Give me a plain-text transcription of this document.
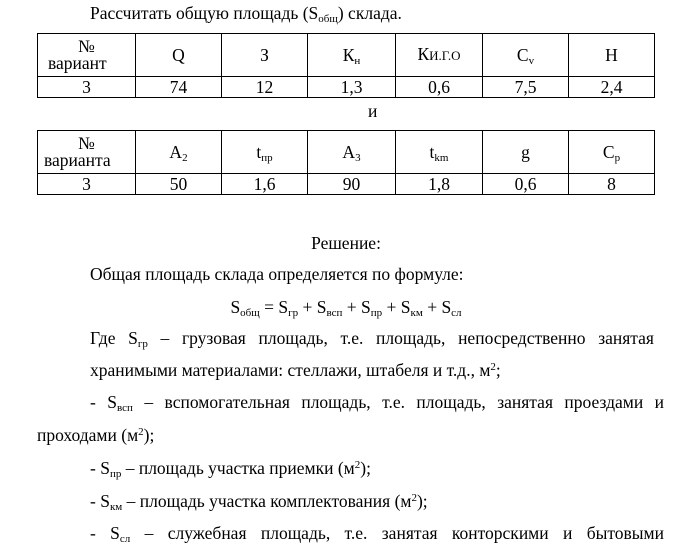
Рассчитать общую площадь $(S_{общ})$ склада.
№
вариант	Q	З	$К_н$	КИ.Г.О	$C_v$	H
3	74	12	1,3	0,6	7,5	2,4
и
№
варианта	$A_2$	$t_{пр}$	$A_3$	$t_{km}$	g	$C_p$
3	50	1,6	90	1,8	0,6	8
Решение:
Общая площадь склада определяется по формуле:
$S_{общ} = S_{гр} + S_{всп} + S_{пр} + S_{км} + S_{сл}$
Где $S_{гр}$ – грузовая площадь, т.е. площадь, непосредственно занятая
хранимыми материалами: стеллажи, штабеля и т.д., $м^2$;
- $S_{всп}$ – вспомогательная площадь, т.е. площадь, занятая проездами и
проходами $(м^2)$;
- $S_{пр}$ – площадь участка приемки $(м^2)$;
- $S_{км}$ – площадь участка комплектования $(м^2)$;
- $S_{сл}$ – служебная площадь, т.е. занятая конторскими и бытовыми
